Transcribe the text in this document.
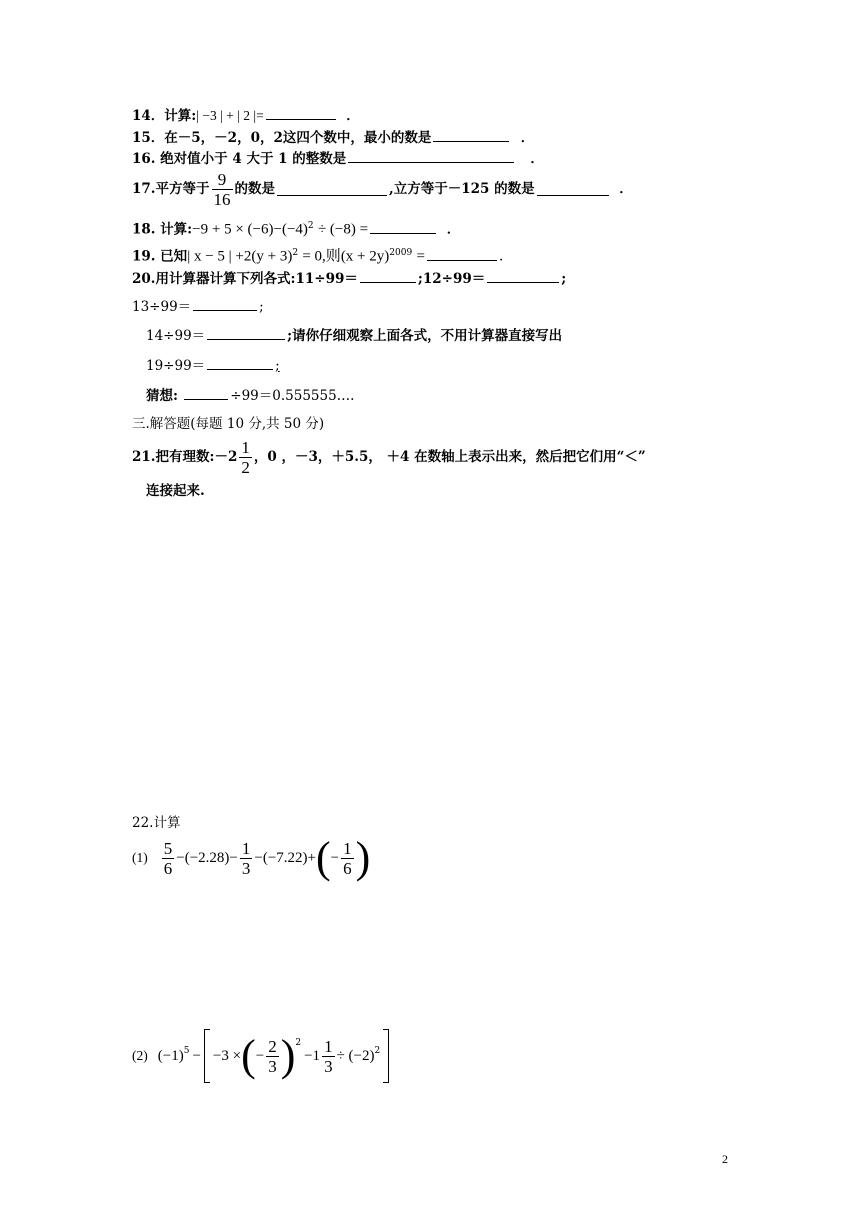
14．计算:| −3 | + | 2 |=	．
15．在－5，－2，0，2这四个数中，最小的数是	．
16. 绝对值小于 4 大于 1 的整数是	．
17.平方等于 $\frac{9}{16}$ 的数是	,立方等于－125 的数是
	．
18. 计算:−9 + $5 \times (-6)-(-4)^2 \div (-8)$ =	．
19. 已知| x − 5 | $+2(y + 3)^2 = 0$,则$(x + 2y)^{2009}$ =	.
20.用计算器计算下列各式:11÷99＝	;12÷99＝	;
13÷99＝	;
14÷99＝	;请你仔细观察上面各式，不用计算器直接写出
19÷99＝	;
猜想:	÷99＝0.555555….
三.解答题(每题 10 分,共 50 分)
21.把有理数:－2 $\frac{1}{2}$ ，0 ，－3，＋5.5， ＋4 在数轴上表示出来，然后把它们用“＜”
连接起来.
22.计算
$(1) \frac{5}{6} -(-2.28)- \frac{1}{3} -(-7.22)+$ ( − $\frac{1}{6}$ )
(2) (−1) 5 − −3 × ( − $\frac{2}{3}$ ) 2
$-1 \frac{1}{3} \div (-2)$ 2
2
